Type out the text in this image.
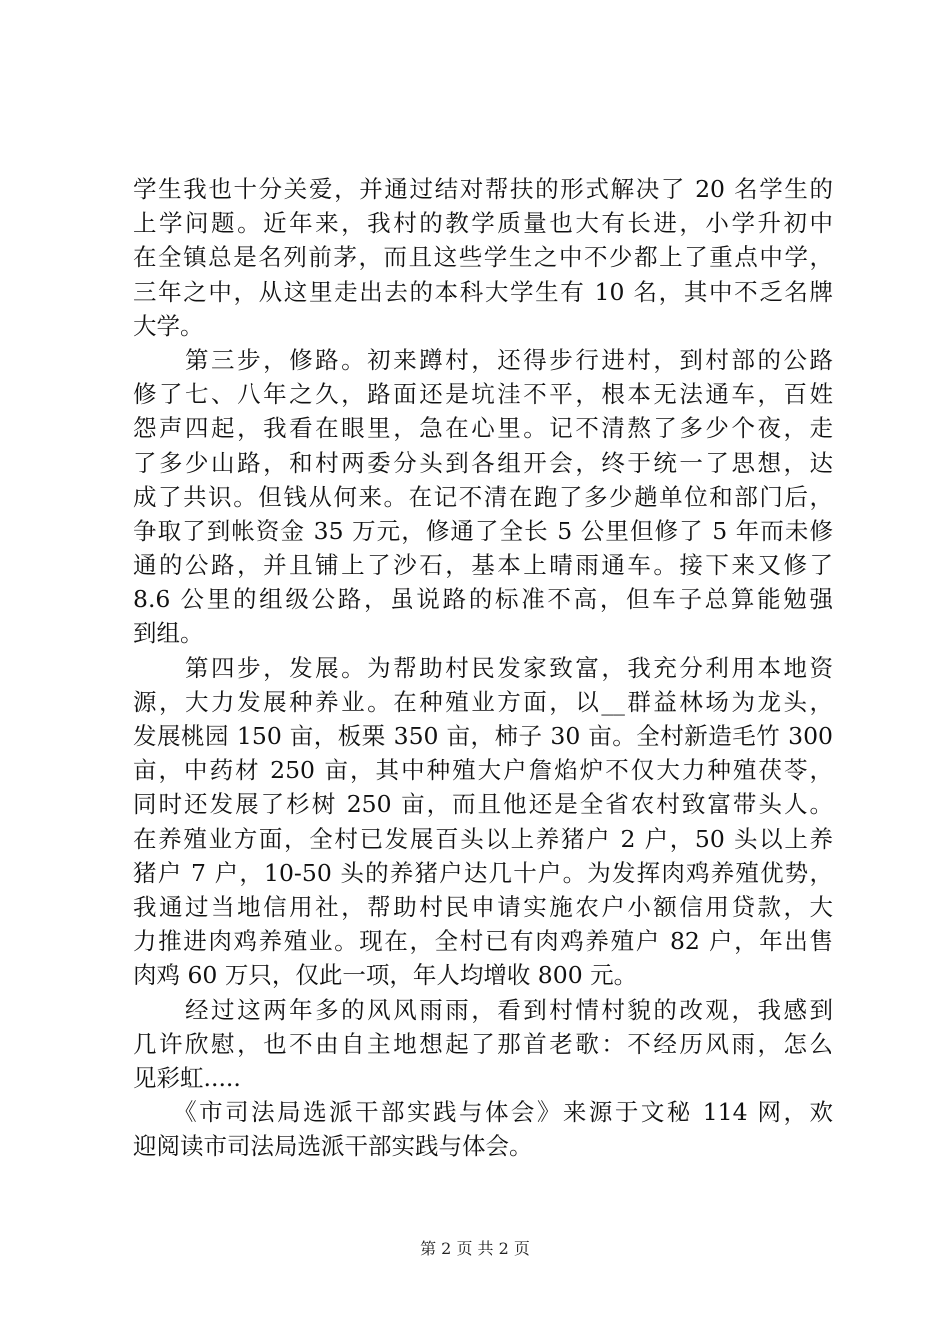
学生我也十分关爱，并通过结对帮扶的形式解决了 20 名学生的
上学问题。近年来，我村的教学质量也大有长进，小学升初中
在全镇总是名列前茅，而且这些学生之中不少都上了重点中学，
三年之中，从这里走出去的本科大学生有 10 名，其中不乏名牌
大学。
　　第三步，修路。初来蹲村，还得步行进村，到村部的公路
修了七、八年之久，路面还是坑洼不平，根本无法通车，百姓
怨声四起，我看在眼里，急在心里。记不清熬了多少个夜，走
了多少山路，和村两委分头到各组开会，终于统一了思想，达
成了共识。但钱从何来。在记不清在跑了多少趟单位和部门后，
争取了到帐资金 35 万元，修通了全长 5 公里但修了 5 年而未修
通的公路，并且铺上了沙石，基本上晴雨通车。接下来又修了
8.6 公里的组级公路，虽说路的标准不高，但车子总算能勉强
到组。
　　第四步，发展。为帮助村民发家致富，我充分利用本地资
源，大力发展种养业。在种殖业方面，以__群益林场为龙头，
发展桃园 150 亩，板栗 350 亩，柿子 30 亩。全村新造毛竹 300
亩，中药材 250 亩，其中种殖大户詹焰炉不仅大力种殖茯苓，
同时还发展了杉树 250 亩，而且他还是全省农村致富带头人。
在养殖业方面，全村已发展百头以上养猪户 2 户，50 头以上养
猪户 7 户，10-50 头的养猪户达几十户。为发挥肉鸡养殖优势，
我通过当地信用社，帮助村民申请实施农户小额信用贷款，大
力推进肉鸡养殖业。现在，全村已有肉鸡养殖户 82 户，年出售
肉鸡 60 万只，仅此一项，年人均增收 800 元。
　　经过这两年多的风风雨雨，看到村情村貌的改观，我感到
几许欣慰，也不由自主地想起了那首老歌：不经历风雨，怎么
见彩虹.....　
　　《市司法局选派干部实践与体会》来源于文秘 114 网，欢
迎阅读市司法局选派干部实践与体会。
第 2 页 共 2 页
